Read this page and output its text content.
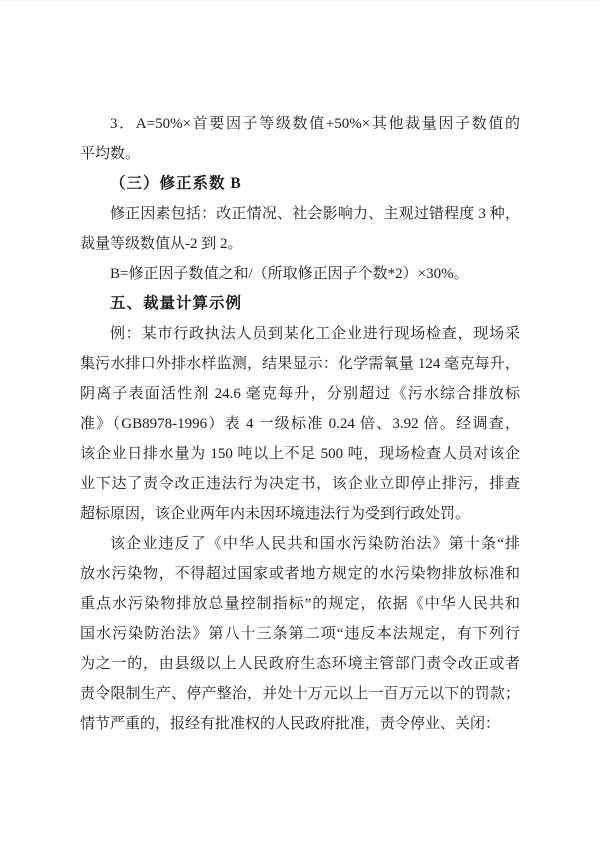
3．A=50%×首要因子等级数值+50%×其他裁量因子数值的
平均数。
（三）修正系数 B
修正因素包括：改正情况、社会影响力、主观过错程度 3 种，
裁量等级数值从-2 到 2。
B=修正因子数值之和/（所取修正因子个数*2）×30%。
五、裁量计算示例
例：某市行政执法人员到某化工企业进行现场检查，现场采
集污水排口外排水样监测，结果显示：化学需氧量 124 毫克每升，
阴离子表面活性剂 24.6 毫克每升，分别超过《污水综合排放标
准》（GB8978-1996）表 4 一级标准 0.24 倍、3.92 倍。经调查，
该企业日排水量为 150 吨以上不足 500 吨，现场检查人员对该企
业下达了责令改正违法行为决定书，该企业立即停止排污，排查
超标原因，该企业两年内未因环境违法行为受到行政处罚。
该企业违反了《中华人民共和国水污染防治法》第十条“排
放水污染物，不得超过国家或者地方规定的水污染物排放标准和
重点水污染物排放总量控制指标”的规定，依据《中华人民共和
国水污染防治法》第八十三条第二项“违反本法规定，有下列行
为之一的，由县级以上人民政府生态环境主管部门责令改正或者
责令限制生产、停产整治，并处十万元以上一百万元以下的罚款；
情节严重的，报经有批准权的人民政府批准，责令停业、关闭：
